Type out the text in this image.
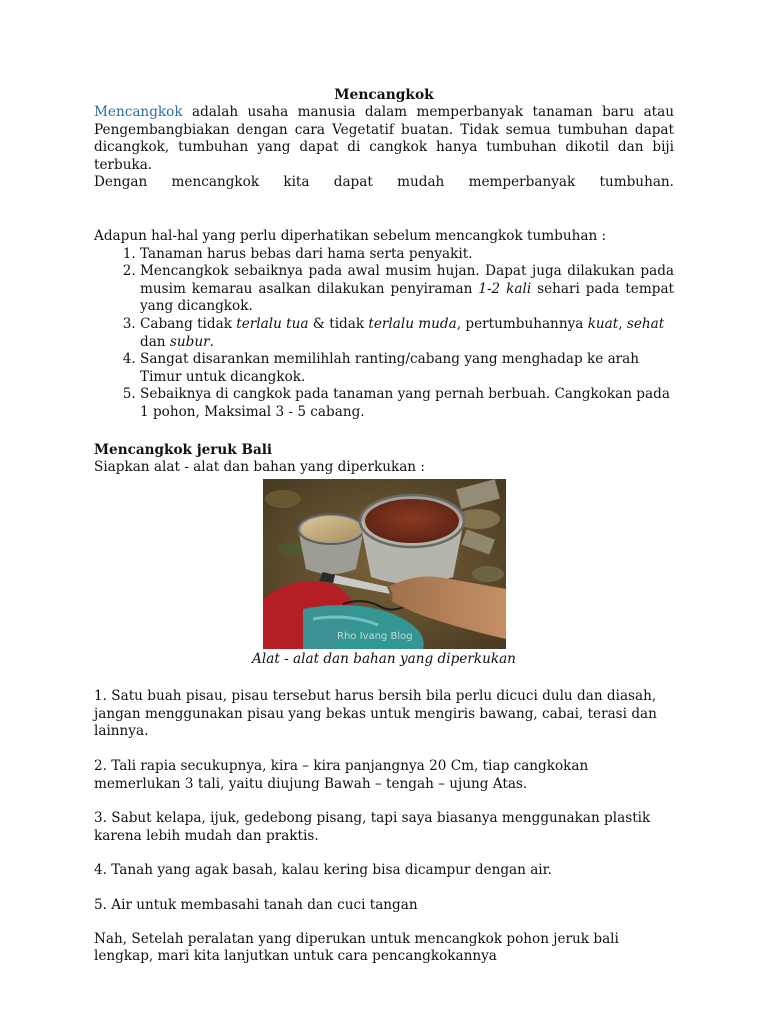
Mencangkok

Mencangkok adalah usaha manusia dalam memperbanyak tanaman baru atau Pengembangbiakan dengan cara Vegetatif buatan. Tidak semua tumbuhan dapat dicangkok, tumbuhan yang dapat di cangkok hanya tumbuhan dikotil dan biji terbuka.

Dengan mencangkok kita dapat mudah memperbanyak tumbuhan.

Adapun hal-hal yang perlu diperhatikan sebelum mencangkok tumbuhan :

1. Tanaman harus bebas dari hama serta penyakit.
2. Mencangkok sebaiknya pada awal musim hujan. Dapat juga dilakukan pada musim kemarau asalkan dilakukan penyiraman 1-2 kali sehari pada tempat yang dicangkok.
3. Cabang tidak terlalu tua & tidak terlalu muda, pertumbuhannya kuat, sehat dan subur.
4. Sangat disarankan memilihlah ranting/cabang yang menghadap ke arah Timur untuk dicangkok.
5. Sebaiknya di cangkok pada tanaman yang pernah berbuah. Cangkokan pada 1 pohon, Maksimal 3 - 5 cabang.

Mencangkok jeruk Bali

Siapkan alat - alat dan bahan yang diperkukan :

Rho Ivang Blog

Alat - alat dan bahan yang diperkukan

1. Satu buah pisau, pisau tersebut harus bersih bila perlu dicuci dulu dan diasah, jangan menggunakan pisau yang bekas untuk mengiris bawang, cabai, terasi dan lainnya.

2. Tali rapia secukupnya, kira – kira panjangnya 20 Cm, tiap cangkokan memerlukan 3 tali, yaitu diujung Bawah – tengah – ujung Atas.

3. Sabut kelapa, ijuk, gedebong pisang, tapi saya biasanya menggunakan plastik karena lebih mudah dan praktis.

4. Tanah yang agak basah, kalau kering bisa dicampur dengan air.

5. Air untuk membasahi tanah dan cuci tangan

Nah, Setelah peralatan yang diperukan untuk mencangkok pohon jeruk bali lengkap, mari kita lanjutkan untuk cara pencangkokannya
